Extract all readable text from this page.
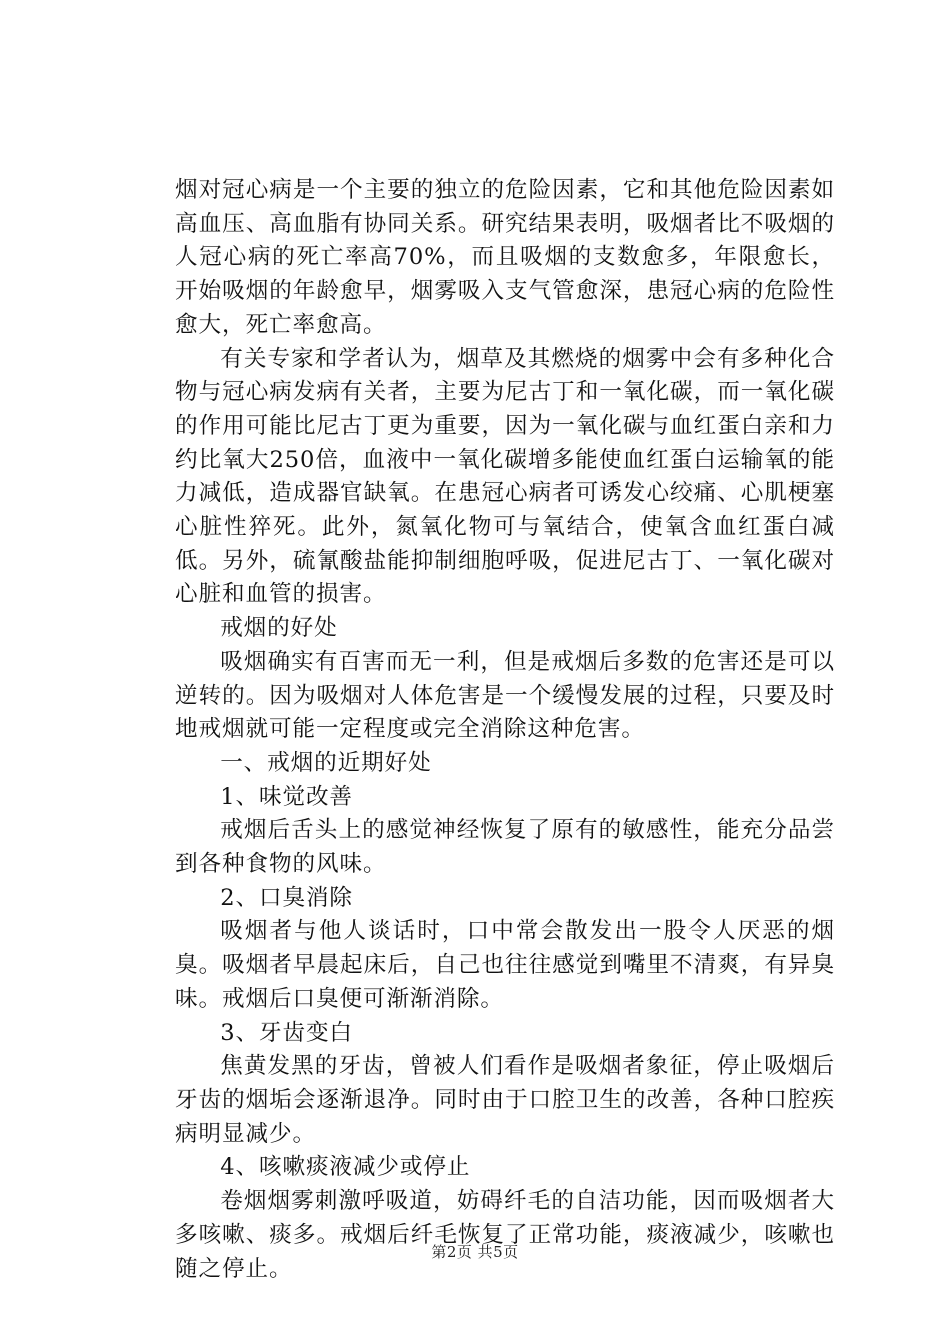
烟对冠心病是一个主要的独立的危险因素，它和其他危险因素如高血压、高血脂有协同关系。研究结果表明，吸烟者比不吸烟的人冠心病的死亡率高70%，而且吸烟的支数愈多，年限愈长，开始吸烟的年龄愈早，烟雾吸入支气管愈深，患冠心病的危险性愈大，死亡率愈高。

有关专家和学者认为，烟草及其燃烧的烟雾中会有多种化合物与冠心病发病有关者，主要为尼古丁和一氧化碳，而一氧化碳的作用可能比尼古丁更为重要，因为一氧化碳与血红蛋白亲和力约比氧大250倍，血液中一氧化碳增多能使血红蛋白运输氧的能力减低，造成器官缺氧。在患冠心病者可诱发心绞痛、心肌梗塞心脏性猝死。此外，氮氧化物可与氧结合，使氧含血红蛋白减低。另外，硫氰酸盐能抑制细胞呼吸，促进尼古丁、一氧化碳对心脏和血管的损害。

戒烟的好处

吸烟确实有百害而无一利，但是戒烟后多数的危害还是可以逆转的。因为吸烟对人体危害是一个缓慢发展的过程，只要及时地戒烟就可能一定程度或完全消除这种危害。

一、戒烟的近期好处

1、味觉改善

戒烟后舌头上的感觉神经恢复了原有的敏感性，能充分品尝到各种食物的风味。

2、口臭消除

吸烟者与他人谈话时，口中常会散发出一股令人厌恶的烟臭。吸烟者早晨起床后，自己也往往感觉到嘴里不清爽，有异臭味。戒烟后口臭便可渐渐消除。

3、牙齿变白

焦黄发黑的牙齿，曾被人们看作是吸烟者象征，停止吸烟后牙齿的烟垢会逐渐退净。同时由于口腔卫生的改善，各种口腔疾病明显减少。

4、咳嗽痰液减少或停止

卷烟烟雾刺激呼吸道，妨碍纤毛的自洁功能，因而吸烟者大多咳嗽、痰多。戒烟后纤毛恢复了正常功能，痰液减少，咳嗽也随之停止。

第2页 共5页
